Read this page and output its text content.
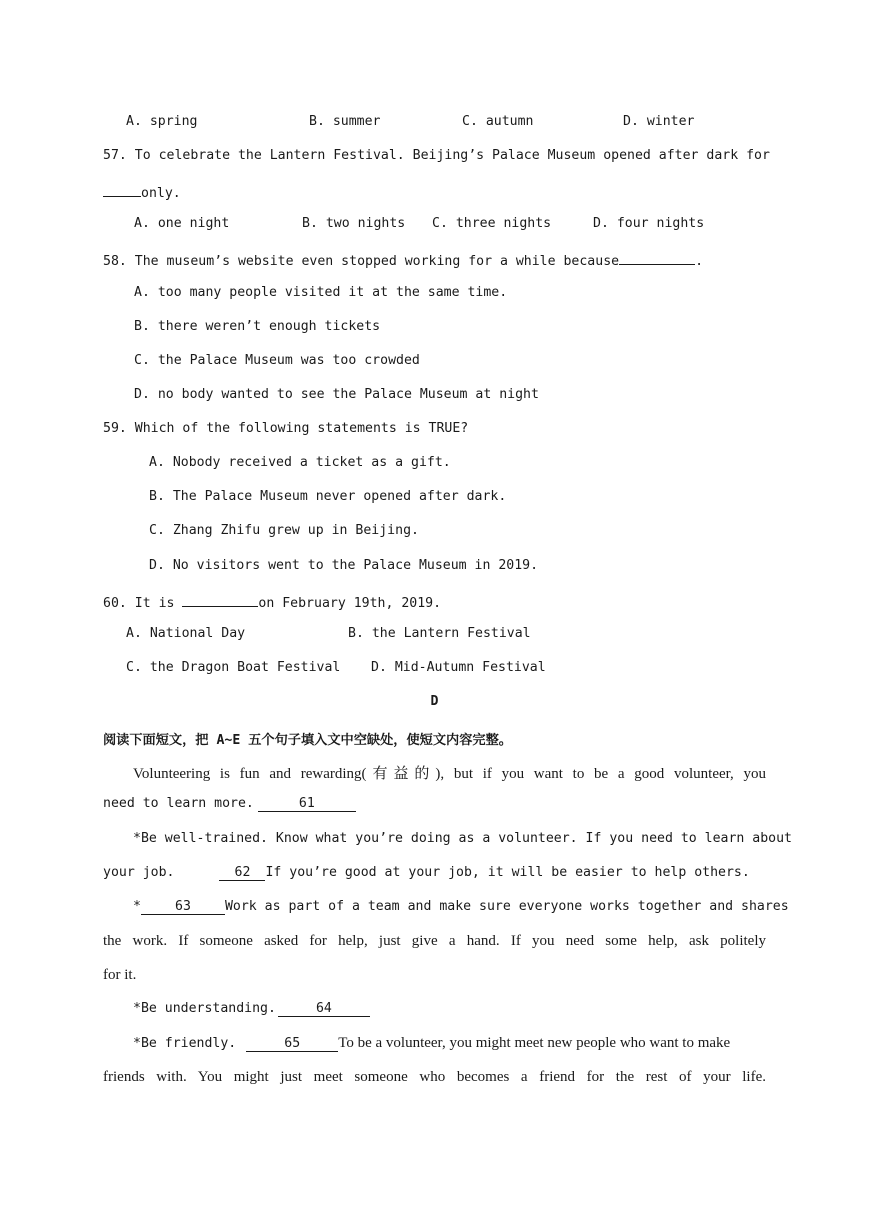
A. spring	B. summer	C. autumn	D. winter
57. To celebrate the Lantern Festival. Beijing’s Palace Museum opened after dark for
only.
A. one night	B. two nights C. three nights	D. four nights
58. The museum’s website even stopped working for a while because	.
A. too many people visited it at the same time.
B. there weren’t enough tickets
C. the Palace Museum was too crowded
D. no body wanted to see the Palace Museum at night
59. Which of the following statements is TRUE?
A. Nobody received a ticket as a gift.
B. The Palace Museum never opened after dark.
C. Zhang Zhifu grew up in Beijing.
D. No visitors went to the Palace Museum in 2019.
60. It is	on February 19th, 2019.
A. National Day	B. the Lantern Festival
C. the Dragon Boat Festival D. Mid-Autumn Festival
D
阅读下面短文，把 A~E 五个句子填入文中空缺处，使短文内容完整。
Volunteering is fun and rewarding(有益的), but if you want to be a good volunteer, you
need to learn more.	61
*Be well-trained. Know what you’re doing as a volunteer. If you need to learn about
your job.	62 If you’re good at your job, it will be easier to help others.
*	63	Work as part of a team and make sure everyone works together and shares
the work. If someone asked for help, just give a hand. If you need some help, ask politely
for it.
*Be understanding.	64
*Be friendly.	65	To be a volunteer, you might meet new people who want to make
friends with. You might just meet someone who becomes a friend for the rest of your life.
